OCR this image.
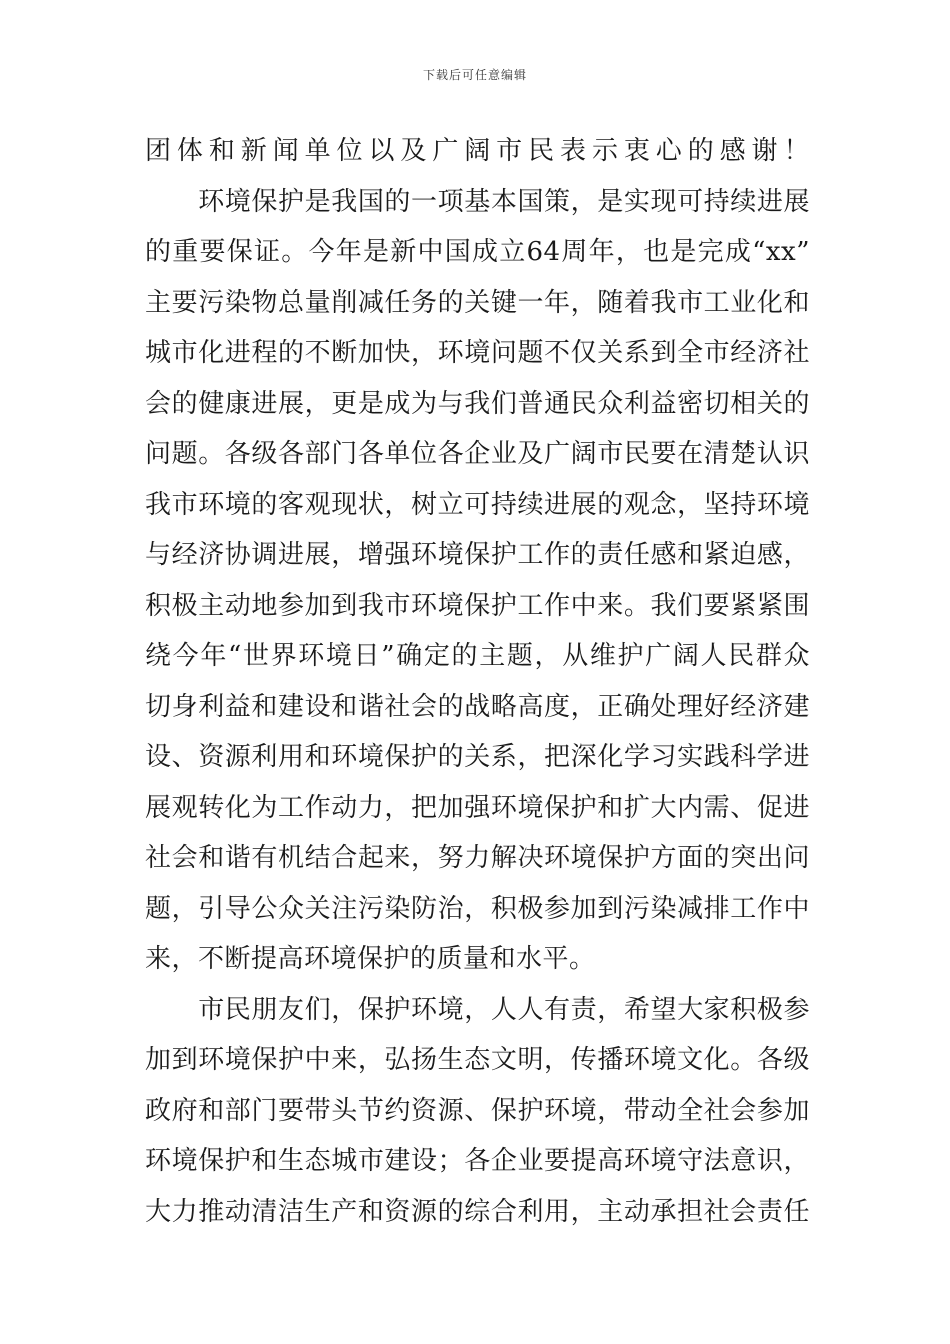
下载后可任意编辑
团体和新闻单位以及广阔市民表示衷心的感谢！
　　环境保护是我国的一项基本国策，是实现可持续进展
的重要保证。今年是新中国成立64周年，也是完成“xx”
主要污染物总量削减任务的关键一年，随着我市工业化和
城市化进程的不断加快，环境问题不仅关系到全市经济社
会的健康进展，更是成为与我们普通民众利益密切相关的
问题。各级各部门各单位各企业及广阔市民要在清楚认识
我市环境的客观现状，树立可持续进展的观念，坚持环境
与经济协调进展，增强环境保护工作的责任感和紧迫感，
积极主动地参加到我市环境保护工作中来。我们要紧紧围
绕今年“世界环境日”确定的主题，从维护广阔人民群众
切身利益和建设和谐社会的战略高度，正确处理好经济建
设、资源利用和环境保护的关系，把深化学习实践科学进
展观转化为工作动力，把加强环境保护和扩大内需、促进
社会和谐有机结合起来，努力解决环境保护方面的突出问
题，引导公众关注污染防治，积极参加到污染减排工作中
来，不断提高环境保护的质量和水平。
　　市民朋友们，保护环境，人人有责，希望大家积极参
加到环境保护中来，弘扬生态文明，传播环境文化。各级
政府和部门要带头节约资源、保护环境，带动全社会参加
环境保护和生态城市建设；各企业要提高环境守法意识，
大力推动清洁生产和资源的综合利用，主动承担社会责任
